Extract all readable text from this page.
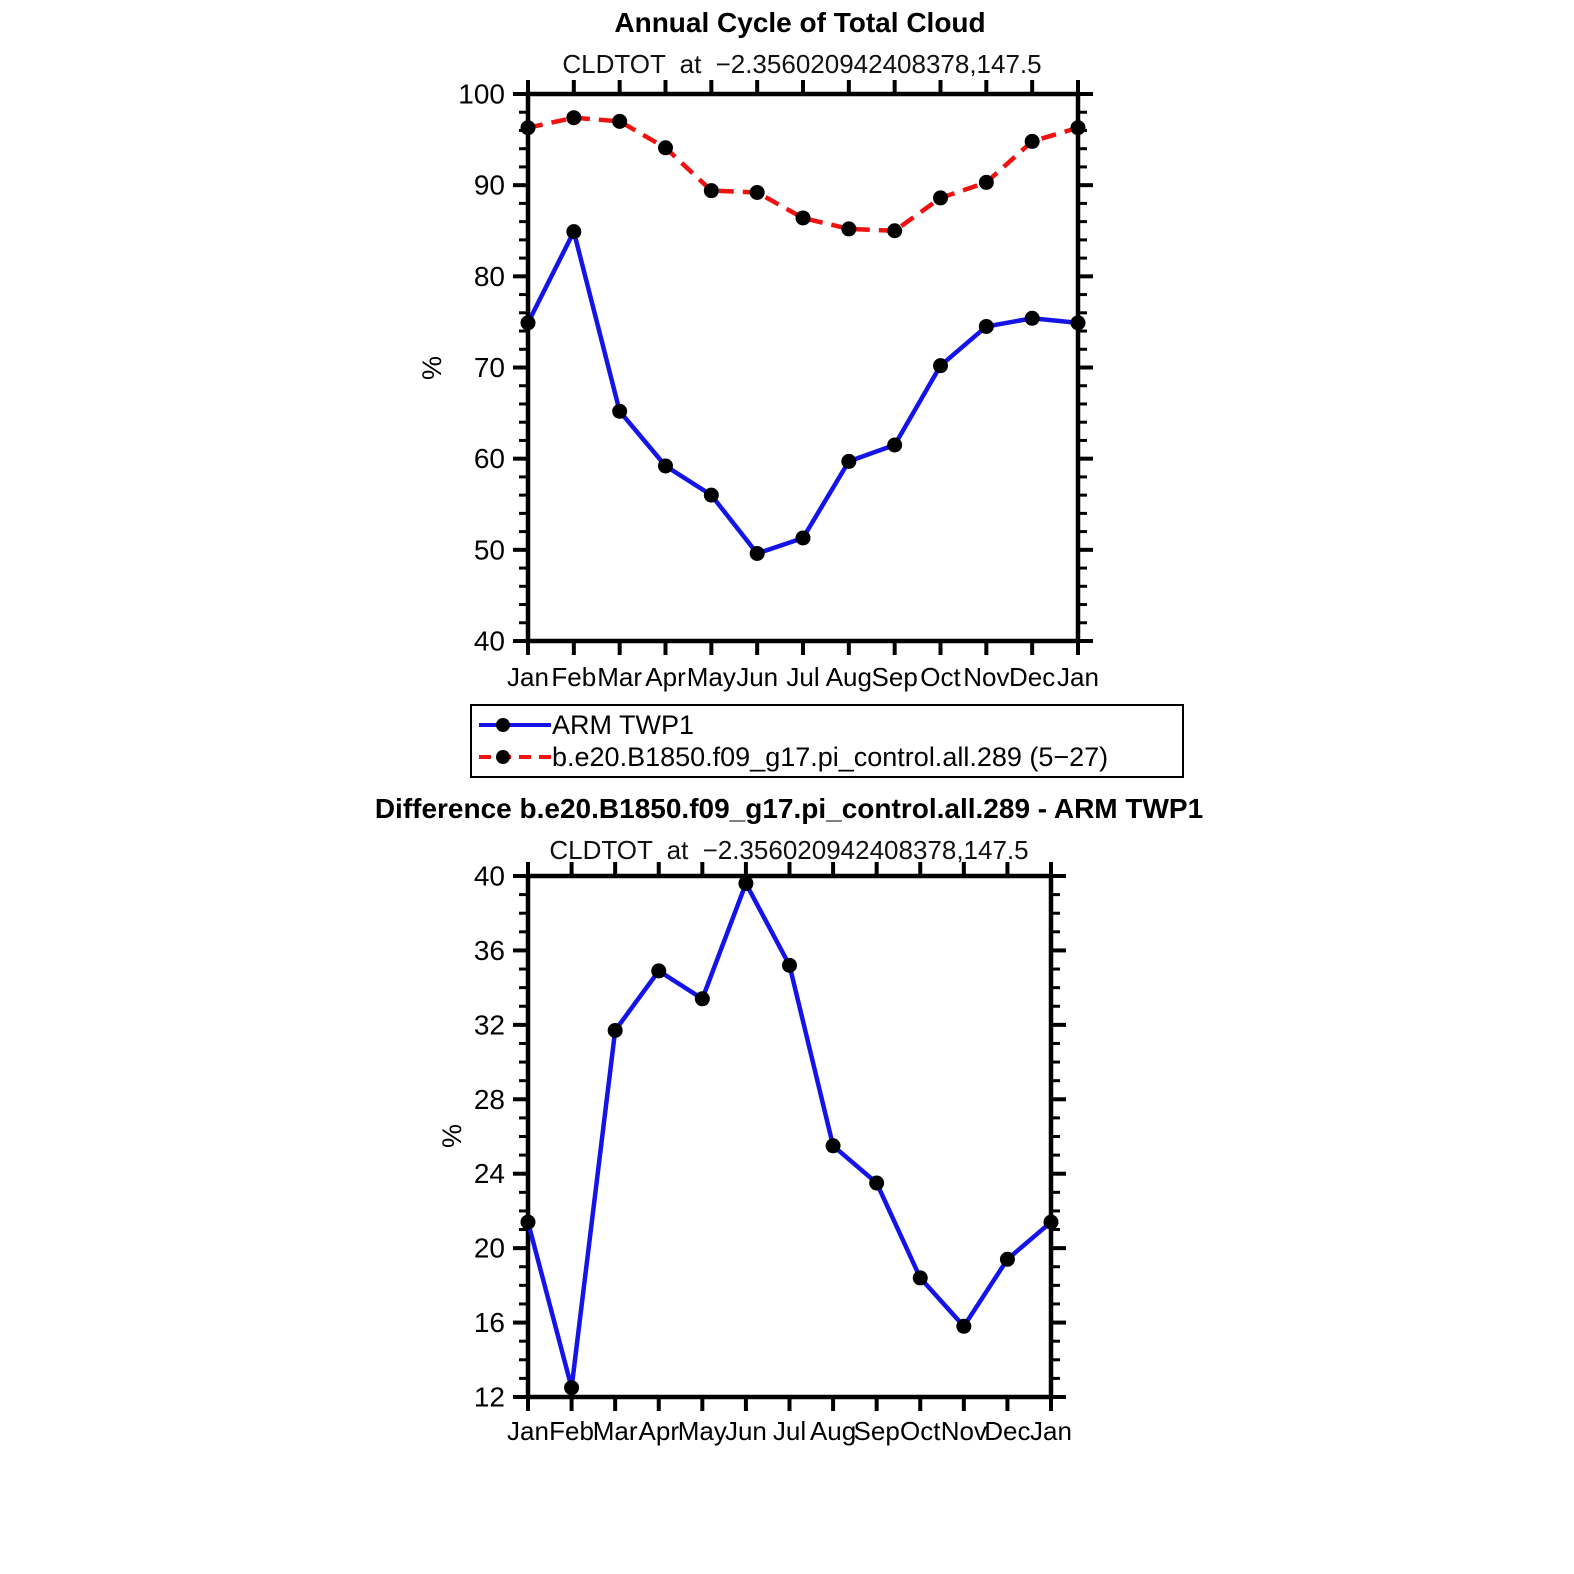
40
50
60
70
80
90
100
Jan Feb Mar Apr May Jun Jul Aug Sep Oct Nov Dec Jan
%
12
16
20
24
28
32
36
40
Jan Feb
Mar Apr
May
Jun Jul Aug
Sep Oct Nov
Dec Jan
%
Annual Cycle of Total Cloud
CLDTOT at −2.356020942408378,147.5
ARM TWP1
b.e20.B1850.f09_g17.pi_control.all.289 (5−27)
Difference b.e20.B1850.f09_g17.pi_control.all.289 - ARM TWP1
CLDTOT at −2.356020942408378,147.5
